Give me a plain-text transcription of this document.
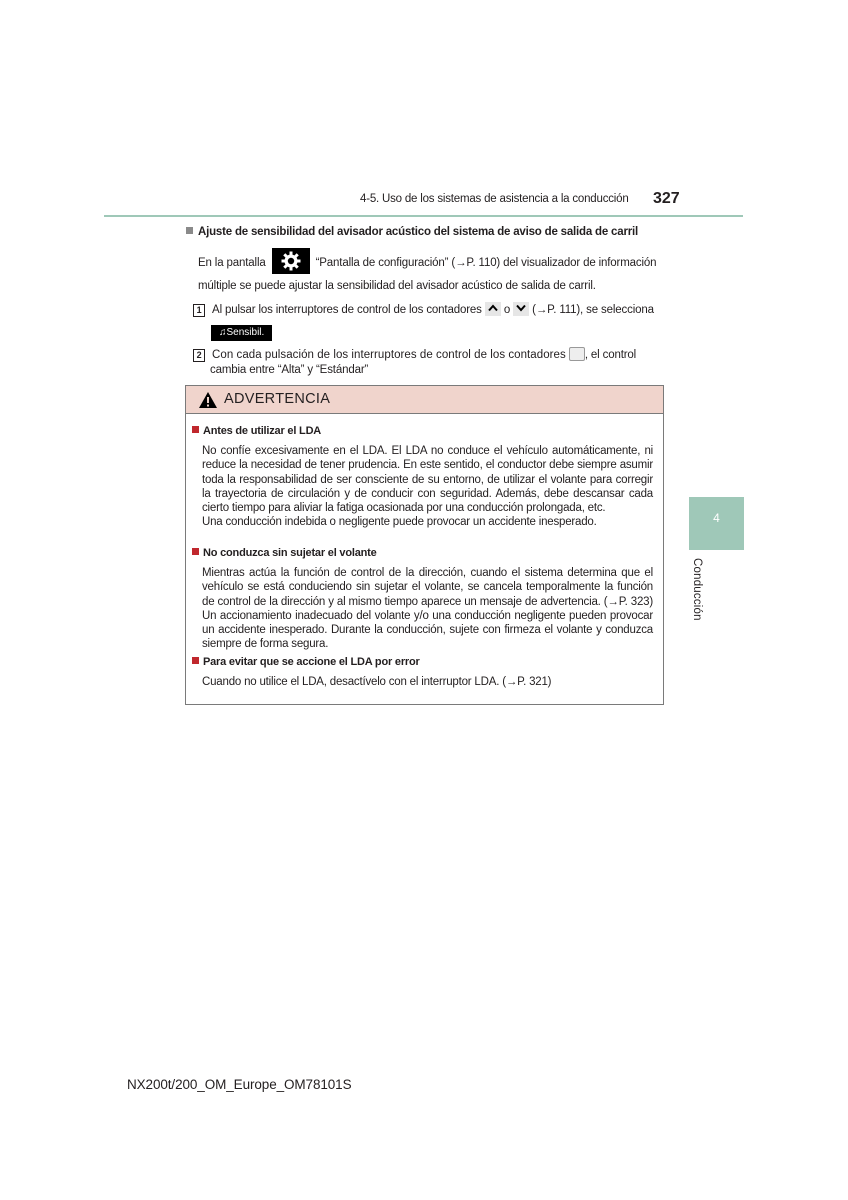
4-5. Uso de los sistemas de asistencia a la conducción 327
4
Conducción
Ajuste de sensibilidad del avisador acústico del sistema de aviso de salida de carril
En la pantalla	“Pantalla de configuración” (→P. 110) del visualizador de información
múltiple se puede ajustar la sensibilidad del avisador acústico de salida de carril.
1 Al pulsar los interruptores de control de los contadores o (→P. 111), se selecciona
♫Sensibil.
2 Con cada pulsación de los interruptores de control de los contadores , el control
cambia entre “Alta” y “Estándar”
ADVERTENCIA
Antes de utilizar el LDA
No confíe excesivamente en el LDA. El LDA no conduce el vehículo automáticamente, ni reduce la necesidad de tener prudencia. En este sentido, el conductor debe siempre asumir toda la responsabilidad de ser consciente de su entorno, de utilizar el volante para corregir la trayectoria de circulación y de conducir con seguridad. Además, debe descansar cada cierto tiempo para aliviar la fatiga ocasionada por una conducción prolongada, etc.
Una conducción indebida o negligente puede provocar un accidente inesperado.
No conduzca sin sujetar el volante
Mientras actúa la función de control de la dirección, cuando el sistema determina que el vehículo se está conduciendo sin sujetar el volante, se cancela temporalmente la función de control de la dirección y al mismo tiempo aparece un mensaje de advertencia. (→P. 323) Un accionamiento inadecuado del volante y/o una conducción negligente pueden provocar un accidente inesperado. Durante la conducción, sujete con firmeza el volante y conduzca siempre de forma segura.
Para evitar que se accione el LDA por error
Cuando no utilice el LDA, desactívelo con el interruptor LDA. (→P. 321)
NX200t/200_OM_Europe_OM78101S
